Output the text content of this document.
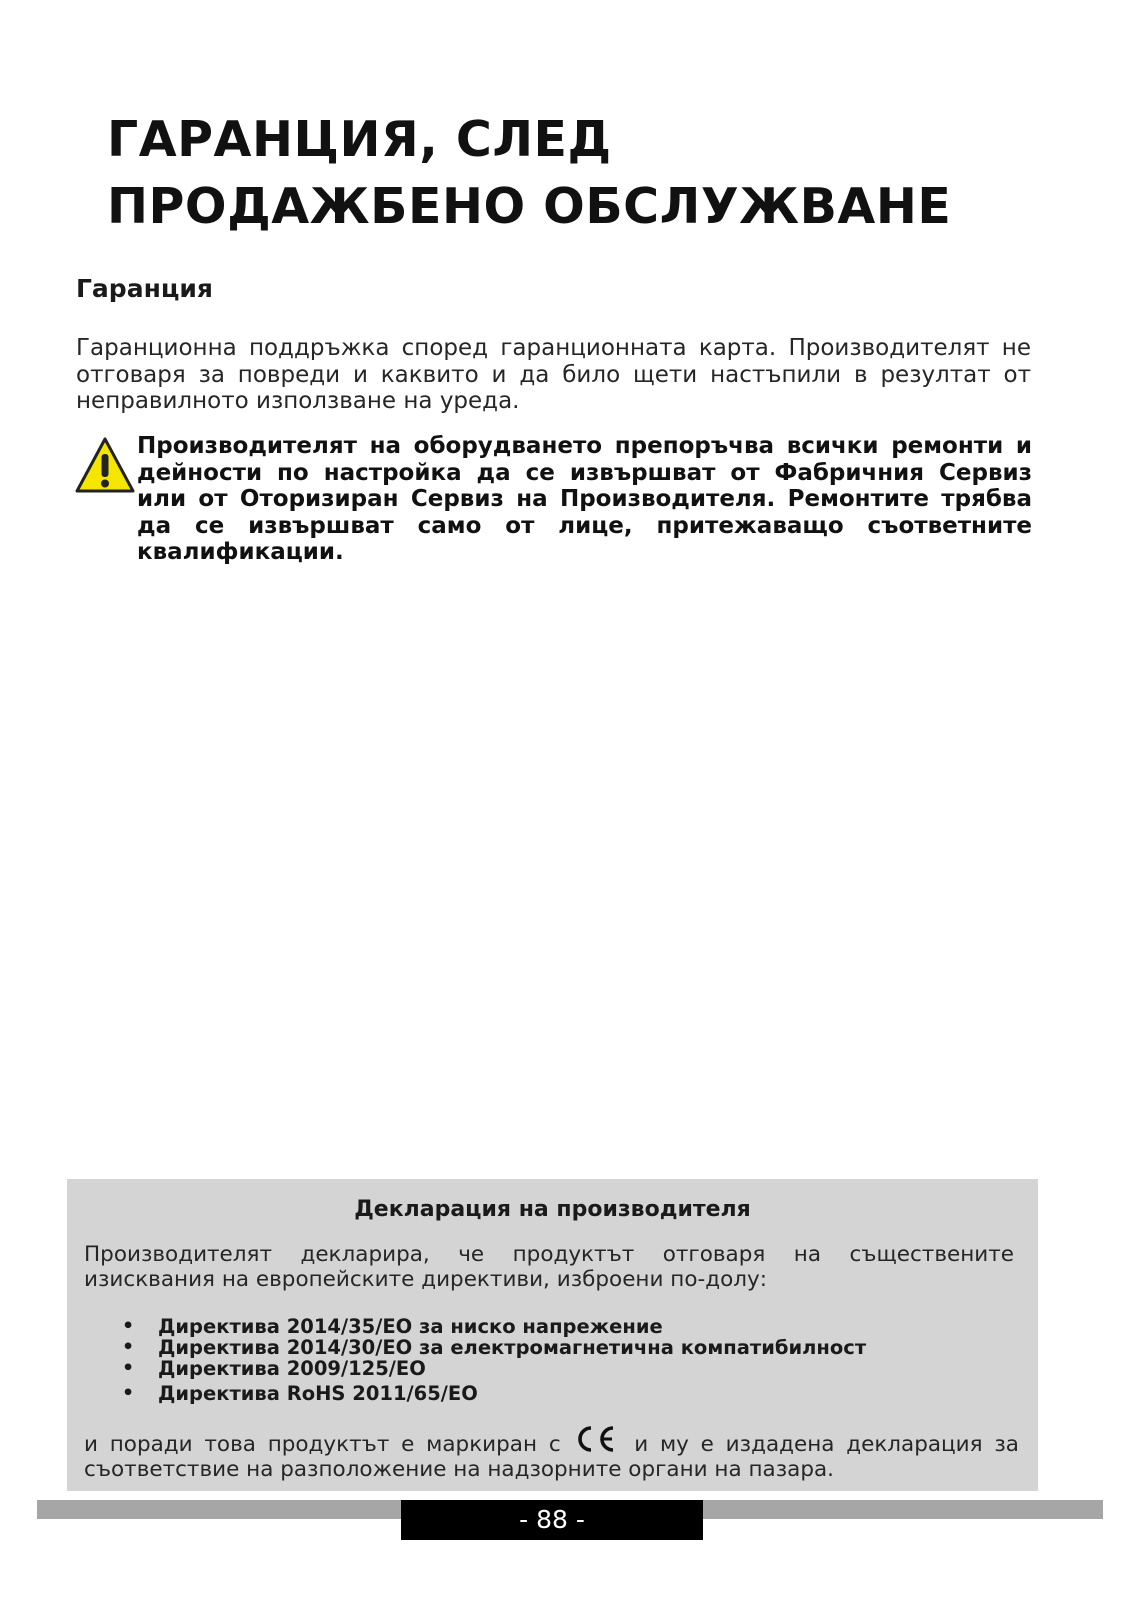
ГАРАНЦИЯ, СЛЕД
ПРОДАЖБЕНО ОБСЛУЖВАНЕ
Гаранция

Гаранционна поддръжка според гаранционната карта. Производителят не отговаря за повреди и каквито и да било щети настъпили в резултат от неправилното използване на уреда.

Производителят на оборудването препоръчва всички ремонти и дейности по настройка да се извършват от Фабричния Сервиз или от Оторизиран Сервиз на Производителя. Ремонтите трябва да се извършват само от лице, притежаващо съответните квалификации.

Декларация на производителя
Производителят декларира, че продуктът отговаря на съществените изисквания на европейските директиви, изброени по-долу:
• Директива 2014/35/ЕО за ниско напрежение
• Директива 2014/30/ЕО за електромагнетична компатибилност
• Директива 2009/125/ЕО
• Директива RoHS 2011/65/ЕО
и поради това продуктът е маркиран с	и му е издадена декларация за съответствие на разположение на надзорните органи на пазара.
- 88 -
